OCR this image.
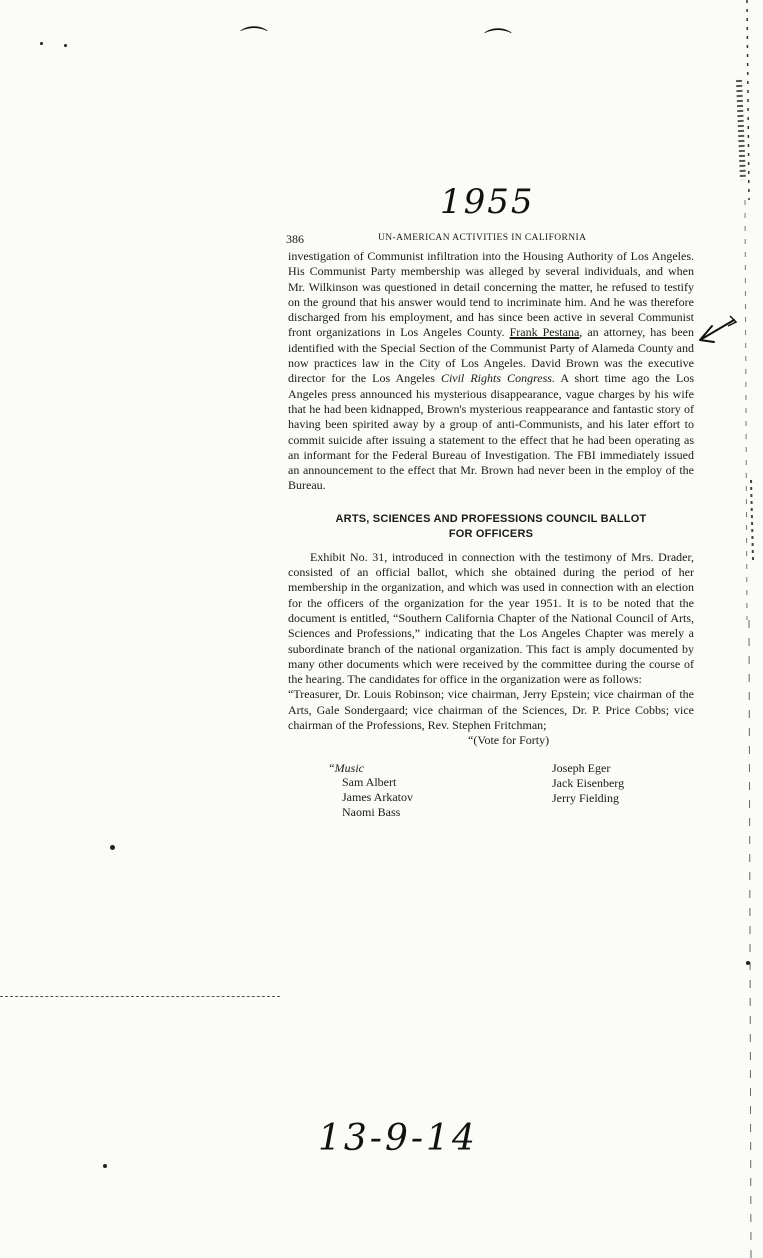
⌒	⌒
1955
386	UN-AMERICAN ACTIVITIES IN CALIFORNIA

investigation of Communist infiltration into the Housing Authority of Los Angeles. His Communist Party membership was alleged by several individuals, and when Mr. Wilkinson was questioned in detail concerning the matter, he refused to testify on the ground that his answer would tend to incriminate him. And he was therefore discharged from his employment, and has since been active in several Communist front organizations in Los Angeles County. Frank Pestana, an attorney, has been identified with the Special Section of the Communist Party of Alameda County and now practices law in the City of Los Angeles. David Brown was the executive director for the Los Angeles Civil Rights Congress. A short time ago the Los Angeles press announced his mysterious disappearance, vague charges by his wife that he had been kidnapped, Brown's mysterious reappearance and fantastic story of having been spirited away by a group of anti-Communists, and his later effort to commit suicide after issuing a statement to the effect that he had been operating as an informant for the Federal Bureau of Investigation. The FBI immediately issued an announcement to the effect that Mr. Brown had never been in the employ of the Bureau.

ARTS, SCIENCES AND PROFESSIONS COUNCIL BALLOT
FOR OFFICERS

Exhibit No. 31, introduced in connection with the testimony of Mrs. Drader, consisted of an official ballot, which she obtained during the period of her membership in the organization, and which was used in connection with an election for the officers of the organization for the year 1951. It is to be noted that the document is entitled, “Southern California Chapter of the National Council of Arts, Sciences and Professions,” indicating that the Los Angeles Chapter was merely a subordinate branch of the national organization. This fact is amply documented by many other documents which were received by the committee during the course of the hearing. The candidates for office in the organization were as follows:

“Treasurer, Dr. Louis Robinson; vice chairman, Jerry Epstein; vice chairman of the Arts, Gale Sondergaard; vice chairman of the Sciences, Dr. P. Price Cobbs; vice chairman of the Professions, Rev. Stephen Fritchman;

“(Vote for Forty)

“Music
Sam Albert
James Arkatov
Naomi Bass
Joseph Eger
Jack Eisenberg
Jerry Fielding
13-9-14
